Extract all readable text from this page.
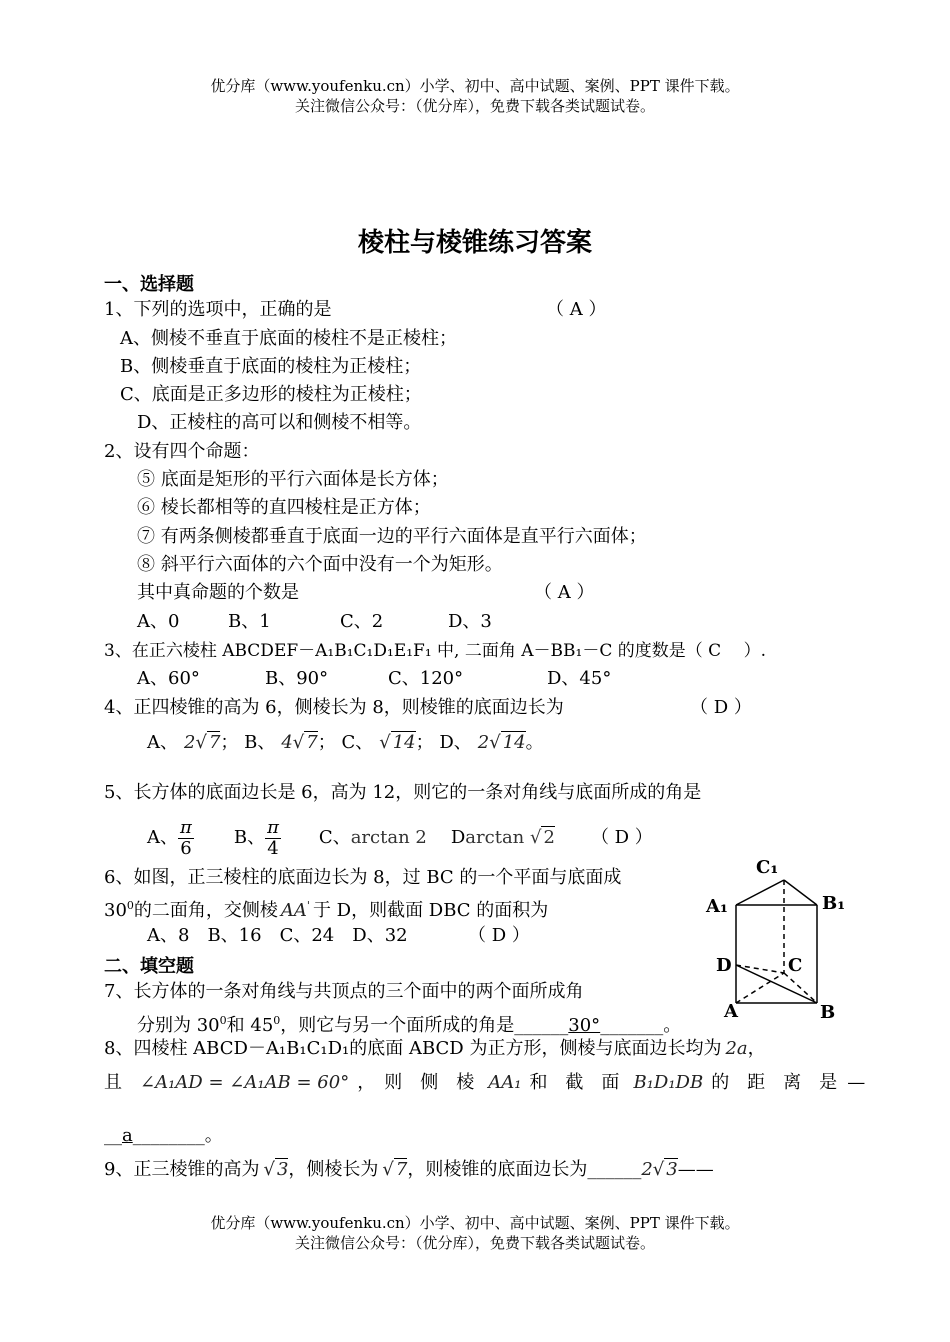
优分库（www.youfenku.cn）小学、初中、高中试题、案例、PPT 课件下载。
关注微信公众号：（优分库），免费下载各类试题试卷。
棱柱与棱锥练习答案
一、选择题
1、下列的选项中，正确的是	（ A ）
A、侧棱不垂直于底面的棱柱不是正棱柱；
B、侧棱垂直于底面的棱柱为正棱柱；
C、底面是正多边形的棱柱为正棱柱；
D、正棱柱的高可以和侧棱不相等。
2、设有四个命题：
⑤ 底面是矩形的平行六面体是长方体；
⑥ 棱长都相等的直四棱柱是正方体；
⑦ 有两条侧棱都垂直于底面一边的平行六面体是直平行六面体；
⑧ 斜平行六面体的六个面中没有一个为矩形。
其中真命题的个数是	（ A ）
A、0	B、1	C、2	D、3
3、在正六棱柱 ABCDEF－A₁B₁C₁D₁E₁F₁ 中, 二面角 A－BB₁－C 的度数是（ C　 ）.
A、60°	B、90°	C、120°	D、45°
4、正四棱锥的高为 6，侧棱长为 8，则棱锥的底面边长为	（ D ）
A、 2√ 7； B、 4√ 7； C、 √ 14； D、 2√ 14。
5、长方体的底面边长是 6，高为 12，则它的一条对角线与底面所成的角是
A、 $\frac{\pi}{6}$ B、 $\frac{\pi}{4}$ C、 arctan 2 D arctan √ 2 （ D ）
6、如图，正三棱柱的底面边长为 8，过 BC 的一个平面与底面成
$30^0$的二面角，交侧棱 AA' 于 D，则截面 DBC 的面积为
A、8　B、16　C、24　D、32	（ D ）
C₁
A₁	B₁
D	C
A	B
二、填空题
7、长方体的一条对角线与共顶点的三个面中的两个面所成角
分别为 $30^0$和 $45^0$，则它与另一个面所成的角是______30°_______。
8、四棱柱 ABCD－A₁B₁C₁D₁的底面 ABCD 为正方形，侧棱与底面边长均为 2a，
且 ∠A₁AD = ∠A₁AB = 60° ，　则　侧　棱 AA₁ 和　截　面 B₁D₁DB 的　距　离　是 —
__a________。
9、正三棱锥的高为 √ 3，侧棱长为 √ 7，则棱锥的底面边长为______2√ 3——
优分库（www.youfenku.cn）小学、初中、高中试题、案例、PPT 课件下载。
关注微信公众号：（优分库），免费下载各类试题试卷。
